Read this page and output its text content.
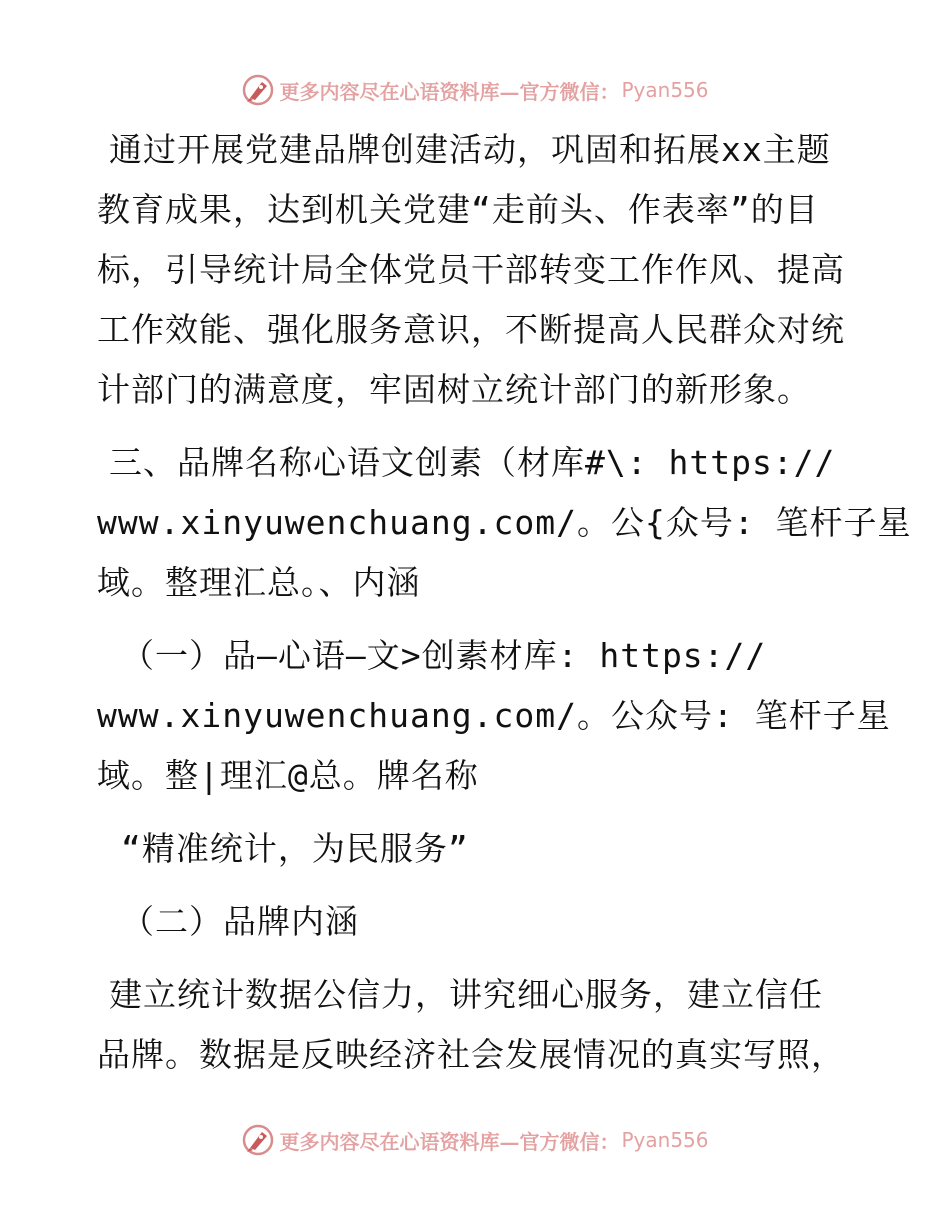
更多内容尽在心语资料库—官方微信： Pyan556
通过开展党建品牌创建活动，巩固和拓展xx主题
教育成果，达到机关党建“走前头、作表率”的目
标，引导统计局全体党员干部转变工作作风、提高
工作效能、强化服务意识，不断提高人民群众对统
计部门的满意度，牢固树立统计部门的新形象。
三、品牌名称心语文创素（材库#\: https://
www.xinyuwenchuang.com/。公{众号: 笔杆子星
域。整理汇总。、内涵
（一）品—心语—文>创素材库: https://
www.xinyuwenchuang.com/。公众号: 笔杆子星
域。整|理汇@总。牌名称
“精准统计，为民服务”
（二）品牌内涵
建立统计数据公信力，讲究细心服务，建立信任
品牌。数据是反映经济社会发展情况的真实写照，
更多内容尽在心语资料库—官方微信： Pyan556
